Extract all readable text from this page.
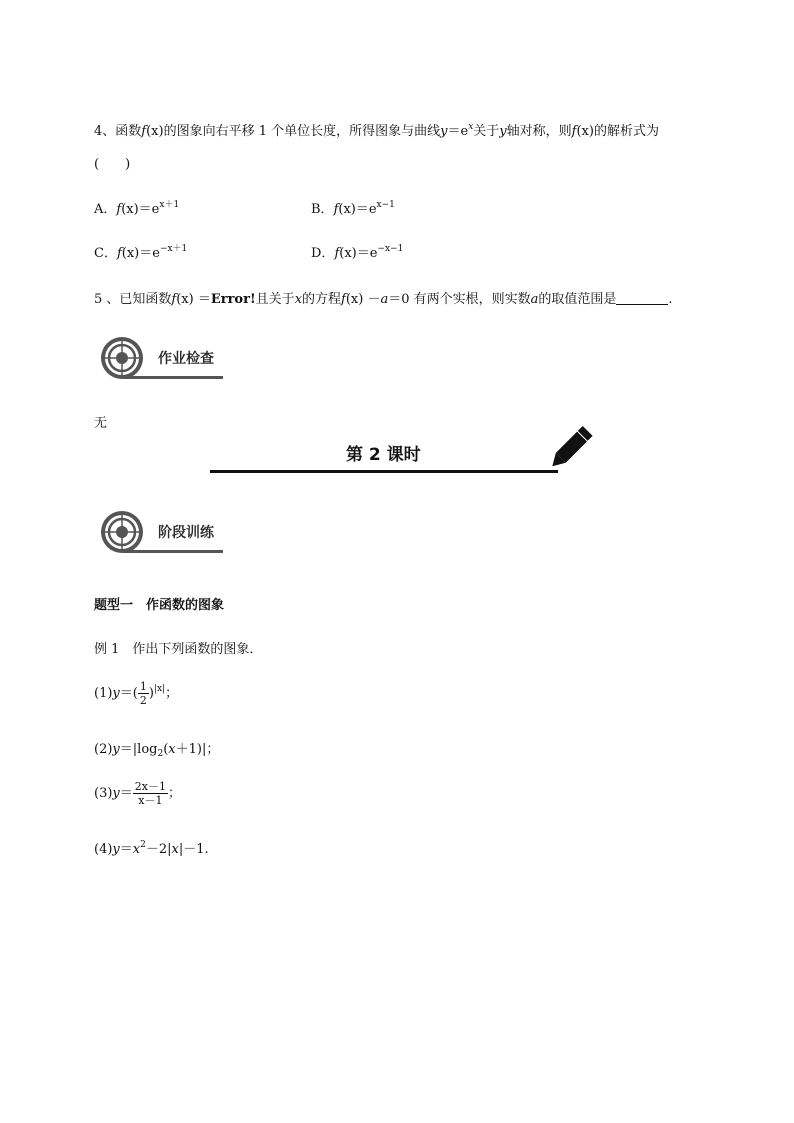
4、函数f(x)的图象向右平移 1 个单位长度，所得图象与曲线$y=e^x$关于y轴对称，则f(x)的解析式为
(　　)
A．$f(x)=e^{x+1}$	B．$f(x)=e^{x-1}$
C．$f(x)=e^{-x+1}$	D．$f(x)=e^{-x-1}$
5 、已知函数f(x) ＝Error!且关于x的方程f(x) －a＝0 有两个实根，则实数a的取值范围是	.
作业检查
无
第 2 课时
阶段训练
题型一　作函数的图象
例 1　作出下列函数的图象．
$(1)y=( \frac{1}{2} )^{|x|}$；
$(2)y=|\log_2(x+1)|$；
$(3)y= \frac{2x-1}{x-1}$ ；
$(4)y=x^2-2|x|-1$.
